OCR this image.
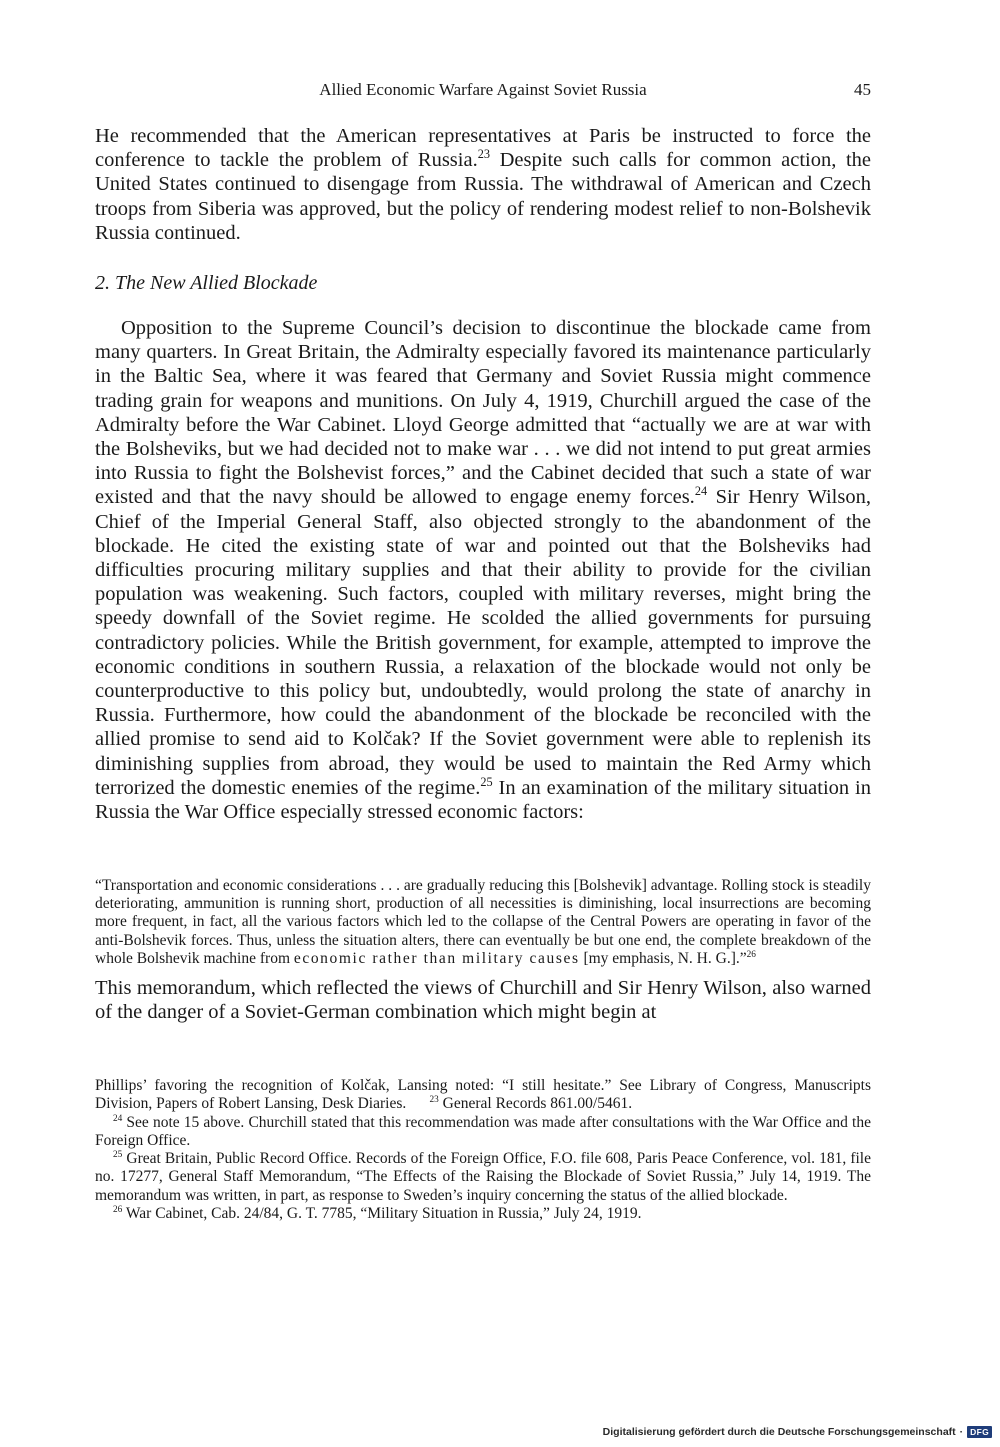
Allied Economic Warfare Against Soviet Russia	45

He recommended that the American representatives at Paris be instructed to force the conference to tackle the problem of Russia.$^{23}$ Despite such calls for common action, the United States continued to disengage from Russia. The withdrawal of American and Czech troops from Siberia was approved, but the policy of rendering modest relief to non-Bolshevik Russia continued.

2. The New Allied Blockade

Opposition to the Supreme Council’s decision to discontinue the blockade came from many quarters. In Great Britain, the Admiralty especially favored its maintenance particularly in the Baltic Sea, where it was feared that Germany and Soviet Russia might commence trading grain for weapons and munitions. On July 4, 1919, Churchill argued the case of the Admiralty before the War Cabinet. Lloyd George admitted that “actually we are at war with the Bolsheviks, but we had decided not to make war . . . we did not intend to put great armies into Russia to fight the Bolshevist forces,” and the Cabinet decided that such a state of war existed and that the navy should be allowed to engage enemy forces.$^{24}$ Sir Henry Wilson, Chief of the Imperial General Staff, also objected strongly to the abandonment of the blockade. He cited the existing state of war and pointed out that the Bolsheviks had difficulties procuring military supplies and that their ability to provide for the civilian population was weakening. Such factors, coupled with military reverses, might bring the speedy downfall of the Soviet regime. He scolded the allied governments for pursuing contradictory policies. While the British government, for example, attempted to improve the economic conditions in southern Russia, a relaxation of the blockade would not only be counterproductive to this policy but, undoubtedly, would prolong the state of anarchy in Russia. Furthermore, how could the abandonment of the blockade be reconciled with the allied promise to send aid to Kolčak? If the Soviet government were able to replenish its diminishing supplies from abroad, they would be used to maintain the Red Army which terrorized the domestic enemies of the regime.$^{25}$ In an examination of the military situation in Russia the War Office especially stressed economic factors:

“Transportation and economic considerations . . . are gradually reducing this [Bolshevik] advantage. Rolling stock is steadily deteriorating, ammunition is running short, production of all necessities is diminishing, local insurrections are becoming more frequent, in fact, all the various factors which led to the collapse of the Central Powers are operating in favor of the anti-Bolshevik forces. Thus, unless the situation alters, there can eventually be but one end, the complete breakdown of the whole Bolshevik machine from economic rather than military causes [my emphasis, N. H. G.].”$^{26}$

This memorandum, which reflected the views of Churchill and Sir Henry Wilson, also warned of the danger of a Soviet-German combination which might begin at

Phillips’ favoring the recognition of Kolčak, Lansing noted: “I still hesitate.” See Library of Congress, Manuscripts Division, Papers of Robert Lansing, Desk Diaries.  	$^{23}$ General Records 861.00/5461.

$^{24}$ See note 15 above. Churchill stated that this recommendation was made after consultations with the War Office and the Foreign Office.

$^{25}$ Great Britain, Public Record Office. Records of the Foreign Office, F.O. file 608, Paris Peace Conference, vol. 181, file no. 17277, General Staff Memorandum, “The Effects of the Raising the Blockade of Soviet Russia,” July 14, 1919. The memorandum was written, in part, as response to Sweden’s inquiry concerning the status of the allied blockade.

$^{26}$ War Cabinet, Cab. 24/84, G. T. 7785, “Military Situation in Russia,” July 24, 1919.

Digitalisierung gefördert durch die Deutsche Forschungsgemeinschaft · DFG
